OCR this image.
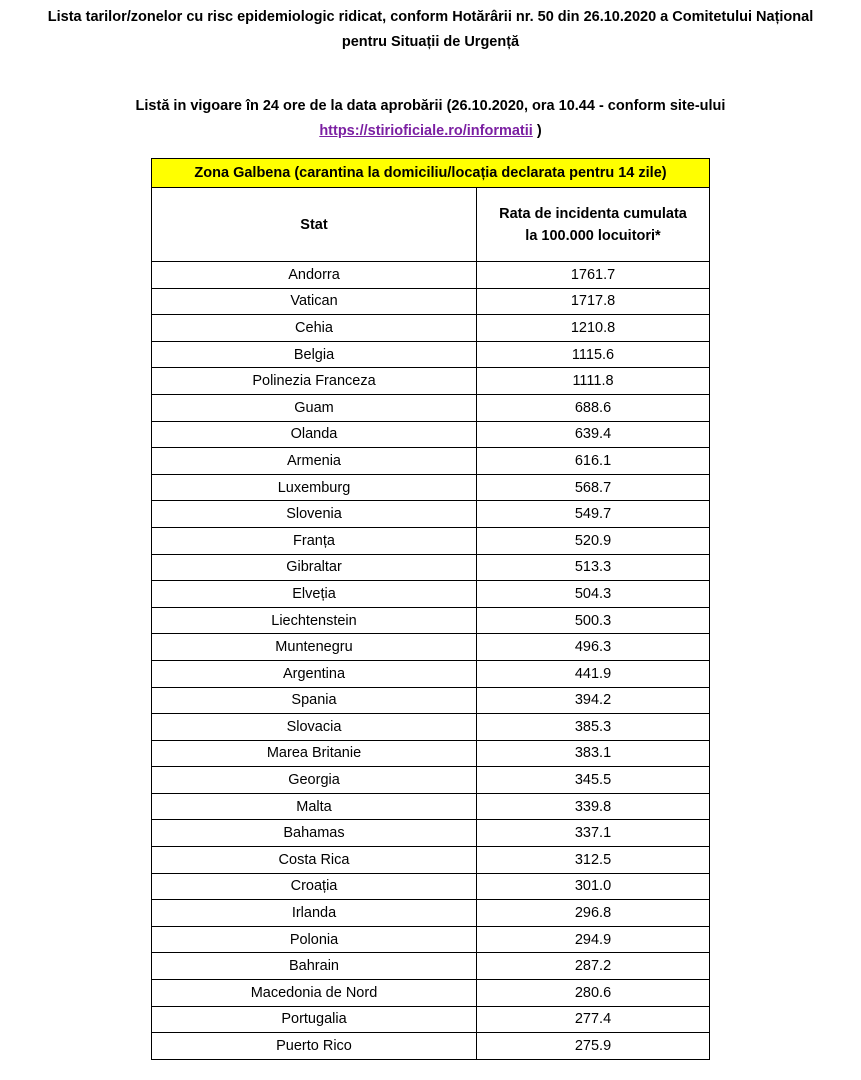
Lista tarilor/zonelor cu risc epidemiologic ridicat, conform Hotărârii nr. 50 din 26.10.2020 a Comitetului Național
pentru Situații de Urgență
Listă in vigoare în 24 ore de la data aprobării (26.10.2020, ora 10.44 - conform site-ului
https://stirioficiale.ro/informatii )
Zona Galbena (carantina la domiciliu/locația declarata pentru 14 zile)	
Stat	Rata de incidenta cumulata
la 100.000 locuitori*

Andorra	1761.7
Vatican	1717.8
Cehia	1210.8
Belgia	1115.6
Polinezia Franceza	1111.8
Guam	688.6
Olanda	639.4
Armenia	616.1
Luxemburg	568.7
Slovenia	549.7
Franța	520.9
Gibraltar	513.3
Elveția	504.3
Liechtenstein	500.3
Muntenegru	496.3
Argentina	441.9
Spania	394.2
Slovacia	385.3
Marea Britanie	383.1
Georgia	345.5
Malta	339.8
Bahamas	337.1
Costa Rica	312.5
Croația	301.0
Irlanda	296.8
Polonia	294.9
Bahrain	287.2
Macedonia de Nord	280.6
Portugalia	277.4
Puerto Rico	275.9
